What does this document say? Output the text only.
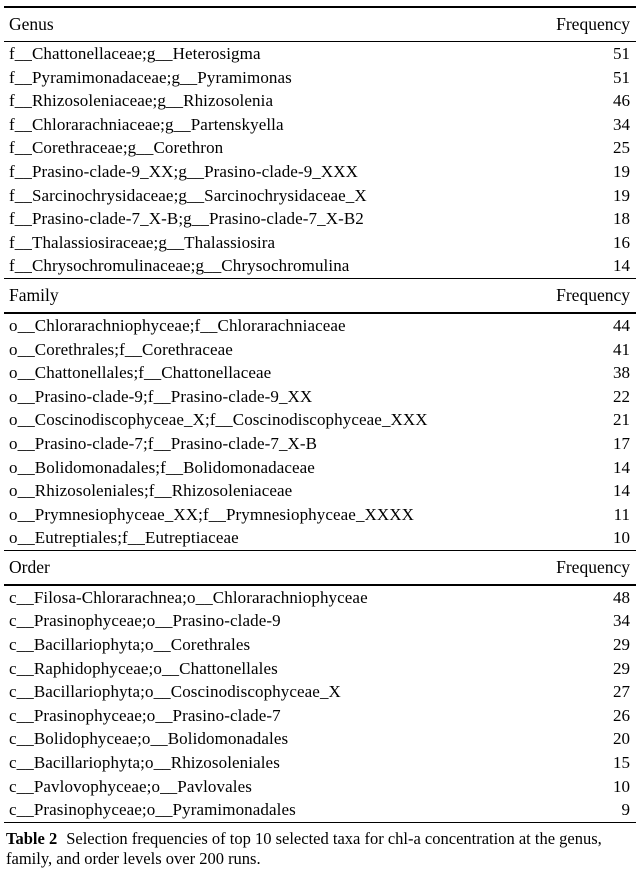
Genus	Frequency
f__Chattonellaceae;g__Heterosigma	51
f__Pyramimonadaceae;g__Pyramimonas	51
f__Rhizosoleniaceae;g__Rhizosolenia	46
f__Chlorarachniaceae;g__Partenskyella	34
f__Corethraceae;g__Corethron	25
f__Prasino-clade-9_XX;g__Prasino-clade-9_XXX	19
f__Sarcinochrysidaceae;g__Sarcinochrysidaceae_X	19
f__Prasino-clade-7_X-B;g__Prasino-clade-7_X-B2	18
f__Thalassiosiraceae;g__Thalassiosira	16
f__Chrysochromulinaceae;g__Chrysochromulina	14
Family	Frequency
o__Chlorarachniophyceae;f__Chlorarachniaceae	44
o__Corethrales;f__Corethraceae	41
o__Chattonellales;f__Chattonellaceae	38
o__Prasino-clade-9;f__Prasino-clade-9_XX	22
o__Coscinodiscophyceae_X;f__Coscinodiscophyceae_XXX	21
o__Prasino-clade-7;f__Prasino-clade-7_X-B	17
o__Bolidomonadales;f__Bolidomonadaceae	14
o__Rhizosoleniales;f__Rhizosoleniaceae	14
o__Prymnesiophyceae_XX;f__Prymnesiophyceae_XXXX	11
o__Eutreptiales;f__Eutreptiaceae	10
Order	Frequency
c__Filosa-Chlorarachnea;o__Chlorarachniophyceae	48
c__Prasinophyceae;o__Prasino-clade-9	34
c__Bacillariophyta;o__Corethrales	29
c__Raphidophyceae;o__Chattonellales	29
c__Bacillariophyta;o__Coscinodiscophyceae_X	27
c__Prasinophyceae;o__Prasino-clade-7	26
c__Bolidophyceae;o__Bolidomonadales	20
c__Bacillariophyta;o__Rhizosoleniales	15
c__Pavlovophyceae;o__Pavlovales	10
c__Prasinophyceae;o__Pyramimonadales	9
Table 2 Selection frequencies of top 10 selected taxa for chl-a concentration at the genus, family, and order levels over 200 runs.
